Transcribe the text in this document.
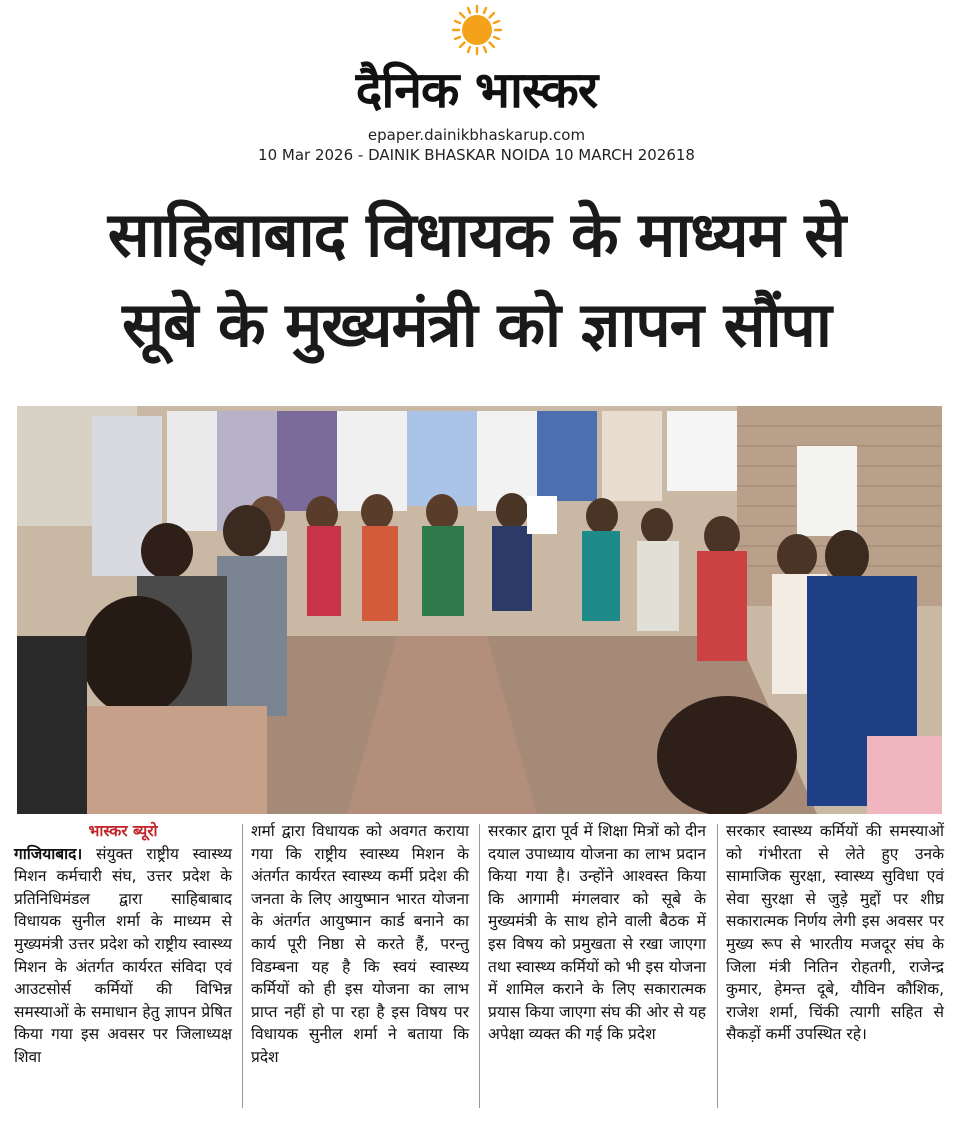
दैनिक भास्कर
epaper.dainikbhaskarup.com
10 Mar 2026 - DAINIK BHASKAR NOIDA 10 MARCH 202618
साहिबाबाद विधायक के माध्यम से
सूबे के मुख्यमंत्री को ज्ञापन सौंपा
भास्कर ब्यूरो

गाजियाबाद। संयुक्त राष्ट्रीय स्वास्थ्य मिशन कर्मचारी संघ, उत्तर प्रदेश के प्रतिनिधिमंडल द्वारा साहिबाबाद विधायक सुनील शर्मा के माध्यम से मुख्यमंत्री उत्तर प्रदेश को राष्ट्रीय स्वास्थ्य मिशन के अंतर्गत कार्यरत संविदा एवं आउटसोर्स कर्मियों की विभिन्न समस्याओं के समाधान हेतु ज्ञापन प्रेषित किया गया इस अवसर पर जिलाध्यक्ष शिवा

शर्मा द्वारा विधायक को अवगत कराया गया कि राष्ट्रीय स्वास्थ्य मिशन के अंतर्गत कार्यरत स्वास्थ्य कर्मी प्रदेश की जनता के लिए आयुष्मान भारत योजना के अंतर्गत आयुष्मान कार्ड बनाने का कार्य पूरी निष्ठा से करते हैं, परन्तु विडम्बना यह है कि स्वयं स्वास्थ्य कर्मियों को ही इस योजना का लाभ प्राप्त नहीं हो पा रहा है इस विषय पर विधायक सुनील शर्मा ने बताया कि प्रदेश

सरकार द्वारा पूर्व में शिक्षा मित्रों को दीन दयाल उपाध्याय योजना का लाभ प्रदान किया गया है। उन्होंने आश्वस्त किया कि आगामी मंगलवार को सूबे के मुख्यमंत्री के साथ होने वाली बैठक में इस विषय को प्रमुखता से रखा जाएगा तथा स्वास्थ्य कर्मियों को भी इस योजना में शामिल कराने के लिए सकारात्मक प्रयास किया जाएगा संघ की ओर से यह अपेक्षा व्यक्त की गई कि प्रदेश

सरकार स्वास्थ्य कर्मियों की समस्याओं को गंभीरता से लेते हुए उनके सामाजिक सुरक्षा, स्वास्थ्य सुविधा एवं सेवा सुरक्षा से जुड़े मुद्दों पर शीघ्र सकारात्मक निर्णय लेगी इस अवसर पर मुख्य रूप से भारतीय मजदूर संघ के जिला मंत्री नितिन रोहतगी, राजेन्द्र कुमार, हेमन्त दूबे, यौविन कौशिक, राजेश शर्मा, चिंकी त्यागी सहित से सैकड़ों कर्मी उपस्थित रहे।
